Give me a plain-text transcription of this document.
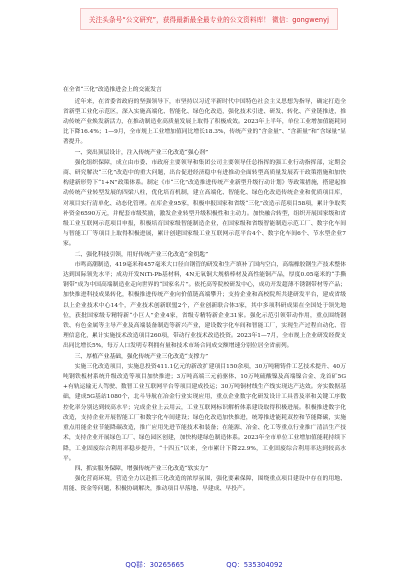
关注头条号“公文研究”，获得最新最全最专业的公文资料库！ 微信：gongwenyj
在全省“三化”改造推进会上的交流发言

近年来，在省委省政府的坚强领导下，市坚持以习近平新时代中国特色社会主义思想为指导，确定打造全省新型工业化示范区，深入实施高端化、智能化、绿色化改造，强化技术引进、研发、转化、产业链推进，推动传统产业焕发新活力，在推动制造业高质量发展上取得了积极成效。2023年上半年，单位工业增加值能耗同比下降16.4%；1—9月，全市规上工业增加值同比增长18.3%，传统产业的“含金量”、“含新量”和“含绿量”显著提升。

一、突出顶层设计，注入传统产业三化改造“强心剂”

强化组织保障，成立由市委、市政府主要领导和集团公司主要领导任总指挥的强工业行动指挥部，定期会商、研究解决“三化”改造中的重大问题，出台促进经济稳中有进推动全面转型高质量发展若干政策措施和加快构建新形势下“1+N”政策体系。制定《市“三化”改造推进传统产业新型升级行动计划》等政策措施，搭建起推动传统产业转型发展的四梁八柱，优化培育机制，建立高端化、智能化、绿色化改造传统企业和优质项目库，对项目实行清单化、动态化管理。在库企业95家，积极申报国家和省级“三化”改造示范项目58项，累计争取奖补资金6590万元，并配套市级奖励，激发企业转型升级积极性和主动力。加快融合转型，组织开展国家级和省级工业互联网示范项目申报，积极培育国家级智能制造企业，在国家级和省级智能制造示范工厂、数字化车间与智能工厂等项目上取得积极进展，累计创建国家级工业互联网示范平台4个、数字化车间6个、节水型企业7家。

二、强化科技引领，用好传统产业三化改造“金钥匙”

市鸣高潮制造，419毫米和457毫米大口径自钢管的研发和生产填补了国内空白，高端橡胶钢生产技术整体达到国际领先水平；成功开发NiTi-Pb基材料，4N无氧铜大规格棒材及高性能铜产品，厚度0.05毫米的“手撕钢带”成为中国高端制造业走向世界的“国家名片”。依托高等院校研发中心，成功开发超薄不锈钢带材等产品；加快推进科技成果转化，积极推进传统产业向价值链高端攀升；支持企业和高校院所共建研发平台，建成省级以上企业技术中心14个，产业技术创新联盟2个，产业创新联合体3家，其中多项科研成果在全国处于领先地位，获批国家级专精特新“小巨人”企业4家，省级专精特新企业31家。强化示范引领带动作用，重点围绕钢铁、有色金属等主导产业及高端装备制造等新兴产业，建设数字化车间和智能工厂，实现生产过程自动化、管理信息化，累计实施技术改造项目260项，带动行业技术改造投资。2023年1—7月，全市规上企业研发经费支出同比增长5%，每万人口发明专利拥有量和技术市场合同成交额增速分别位居全省前列。

三、厚植产业基础，强化传统产业三化改造“支撑力”

实施三化改造项目，实施总投资411.1亿元的新改扩建项目150余项，30万吨精铸件工艺技术提升、40万吨钢铁板材系统升级改造等项目加快推进；3万吨高端三元前驱体、10万吨硫酸镍及高端镍合金、龙首矿5G+有轨运输无人驾驶、数智工业互联网平台等项目建成投运；30万吨铜材线生产线实现达产达效。夯实数据基础，建成5G基站1080个，北斗导航在冶金行业实现应用，重点企业数字化研发设计工具普及率和关键工序数控化率分别达到较高水平；完成企业上云用云，工业互联网标识解析体系建设取得积极进展。积极推进数字化改造，支持企业开展智能工厂和数字化车间建设；绿色化改造加快推进，统筹推进能耗双控和节能降碳，实施重点用能企业节能降碳改造，推广应用先进节能技术和装备；在能源、冶金、化工等重点行业推广清洁生产技术，支持企业开展绿色工厂、绿色园区创建，加快构建绿色制造体系。2023年全市单位工业增加值能耗持续下降，工业固废综合利用率稳步提升，“十四五”以来，全市累计下降22.9%，工业固废综合利用率达到较高水平。

四、抓实服务保障，增强传统产业三化改造“软实力”

强化营商环境，营造全力以赴抓三化改造的浓厚氛围，强化要素保障，围绕重点项目建设中存在的用地、用能、资金等问题，积极协调解决，推动项目早落地、早建成、早投产。

QQ群：30265665	QQ：535304092
